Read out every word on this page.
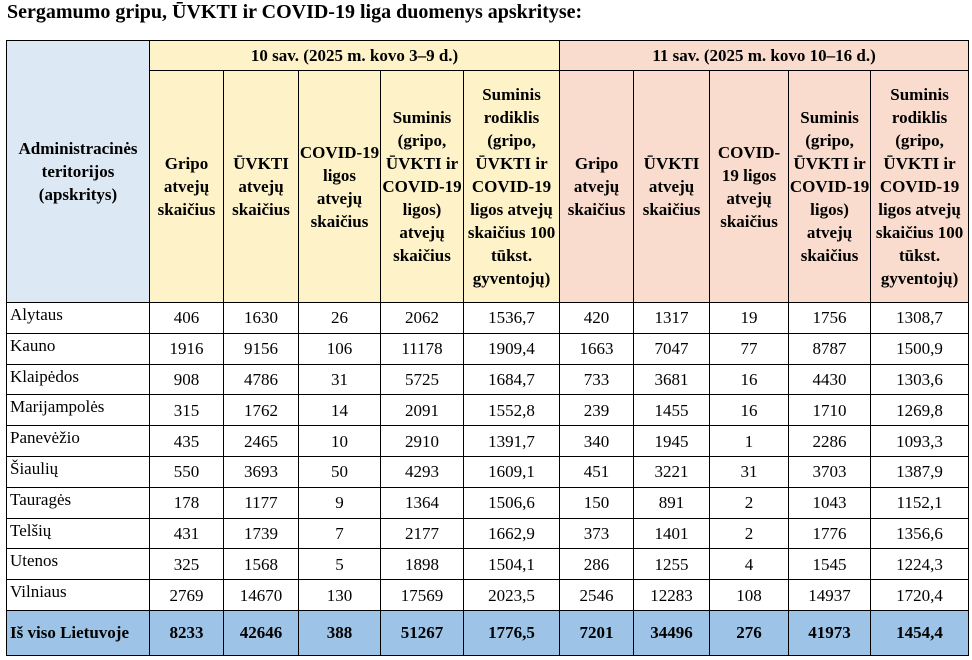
Sergamumo gripu, ŪVKTI ir COVID-19 liga duomenys apskrityse:
Administracinės teritorijos (apskritys)	10 sav. (2025 m. kovo 3–9 d.)					11 sav. (2025 m. kovo 10–16 d.)				
	Gripo atvejų skaičius	ŪVKTI atvejų skaičius	COVID-19 ligos atvejų skaičius	Suminis (gripo, ŪVKTI ir COVID-19 ligos) atvejų skaičius	Suminis rodiklis (gripo, ŪVKTI ir COVID-19 ligos atvejų skaičius 100 tūkst. gyventojų)	Gripo atvejų skaičius	ŪVKTI atvejų skaičius	COVID-19 ligos atvejų skaičius	Suminis (gripo, ŪVKTI ir COVID-19 ligos) atvejų skaičius	Suminis rodiklis (gripo, ŪVKTI ir COVID-19 ligos atvejų skaičius 100 tūkst. gyventojų)
Alytaus	406	1630	26	2062	1536,7	420	1317	19	1756	1308,7
Kauno	1916	9156	106	11178	1909,4	1663	7047	77	8787	1500,9
Klaipėdos	908	4786	31	5725	1684,7	733	3681	16	4430	1303,6
Marijampolės	315	1762	14	2091	1552,8	239	1455	16	1710	1269,8
Panevėžio	435	2465	10	2910	1391,7	340	1945	1	2286	1093,3
Šiaulių	550	3693	50	4293	1609,1	451	3221	31	3703	1387,9
Tauragės	178	1177	9	1364	1506,6	150	891	2	1043	1152,1
Telšių	431	1739	7	2177	1662,9	373	1401	2	1776	1356,6
Utenos	325	1568	5	1898	1504,1	286	1255	4	1545	1224,3
Vilniaus	2769	14670	130	17569	2023,5	2546	12283	108	14937	1720,4
Iš viso Lietuvoje	8233	42646	388	51267	1776,5	7201	34496	276	41973	1454,4
